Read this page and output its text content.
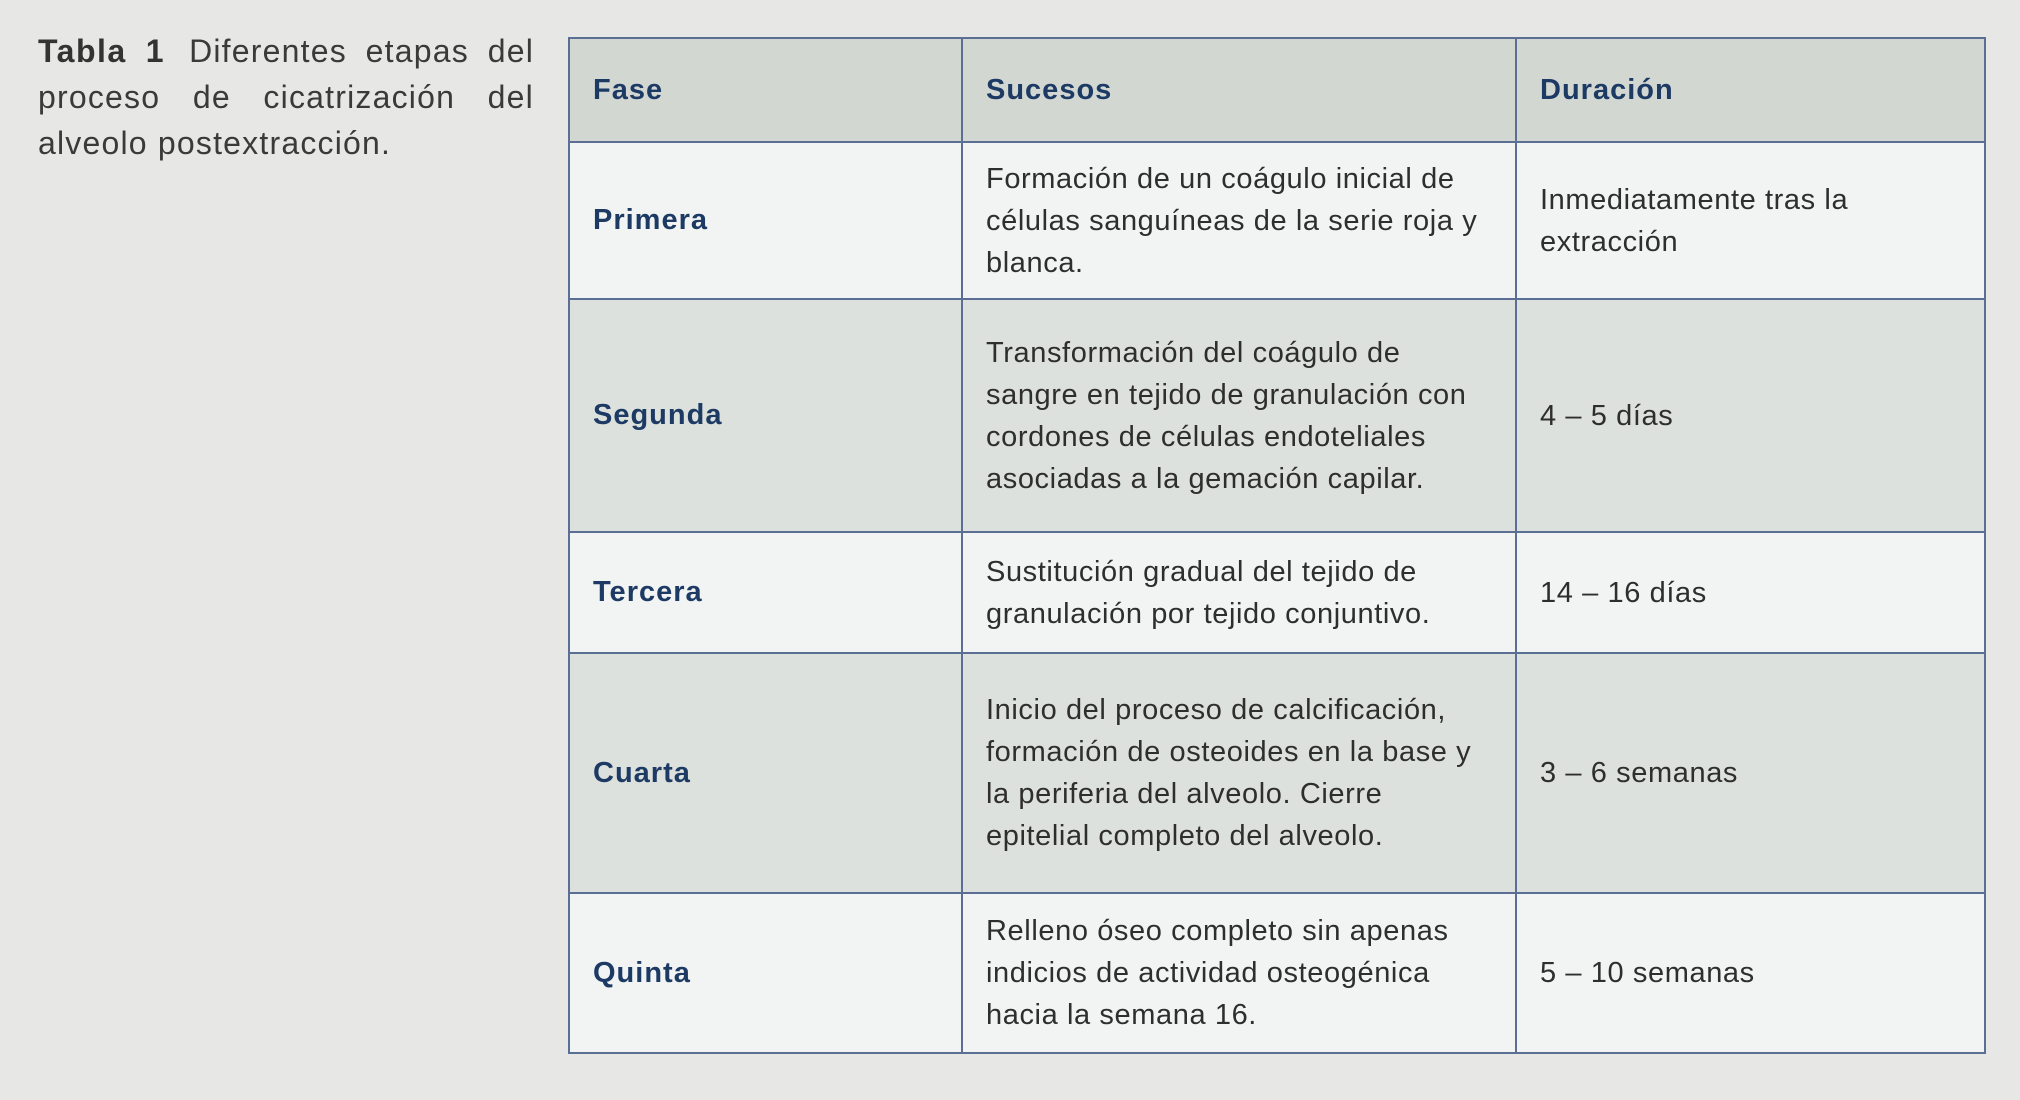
Tabla 1 Diferentes etapas del proceso de cicatrización del alveolo postextracción.
Fase	Sucesos	Duración
Primera	Formación de un coágulo inicial de células sanguíneas de la serie roja y blanca.	Inmediatamente tras la extracción
Segunda	Transformación del coágulo de sangre en tejido de granulación con cordones de células endoteliales asociadas a la gemación capilar.	4 – 5 días
Tercera	Sustitución gradual del tejido de granulación por tejido conjuntivo.	14 – 16 días
Cuarta	Inicio del proceso de calcificación, formación de osteoides en la base y la periferia del alveolo. Cierre epitelial completo del alveolo.	3 – 6 semanas
Quinta	Relleno óseo completo sin apenas indicios de actividad osteogénica hacia la semana 16.	5 – 10 semanas
